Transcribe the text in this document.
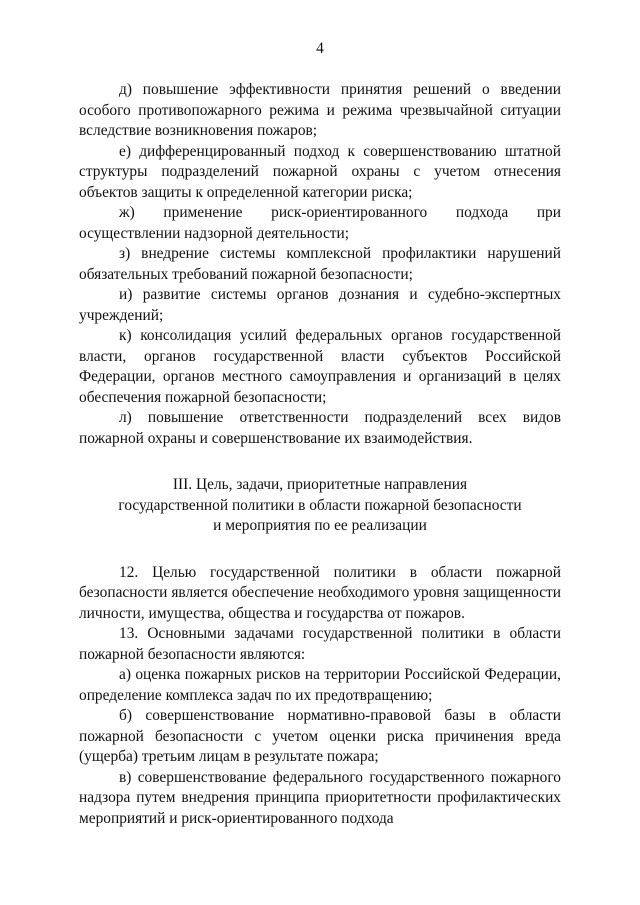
4

д) повышение эффективности принятия решений о введении особого противопожарного режима и режима чрезвычайной ситуации вследствие возникновения пожаров;

е) дифференцированный подход к совершенствованию штатной структуры подразделений пожарной охраны с учетом отнесения объектов защиты к определенной категории риска;

ж) применение риск-ориентированного подхода при осуществлении надзорной деятельности;

з) внедрение системы комплексной профилактики нарушений обязательных требований пожарной безопасности;

и) развитие системы органов дознания и судебно-экспертных учреждений;

к) консолидация усилий федеральных органов государственной власти, органов государственной власти субъектов Российской Федерации, органов местного самоуправления и организаций в целях обеспечения пожарной безопасности;

л) повышение ответственности подразделений всех видов пожарной охраны и совершенствование их взаимодействия.

III. Цель, задачи, приоритетные направления
государственной политики в области пожарной безопасности
и мероприятия по ее реализации

12. Целью государственной политики в области пожарной безопасности является обеспечение необходимого уровня защищенности личности, имущества, общества и государства от пожаров.

13. Основными задачами государственной политики в области пожарной безопасности являются:

а) оценка пожарных рисков на территории Российской Федерации, определение комплекса задач по их предотвращению;

б) совершенствование нормативно-правовой базы в области пожарной безопасности с учетом оценки риска причинения вреда (ущерба) третьим лицам в результате пожара;

в) совершенствование федерального государственного пожарного надзора путем внедрения принципа приоритетности профилактических мероприятий и риск-ориентированного подхода
